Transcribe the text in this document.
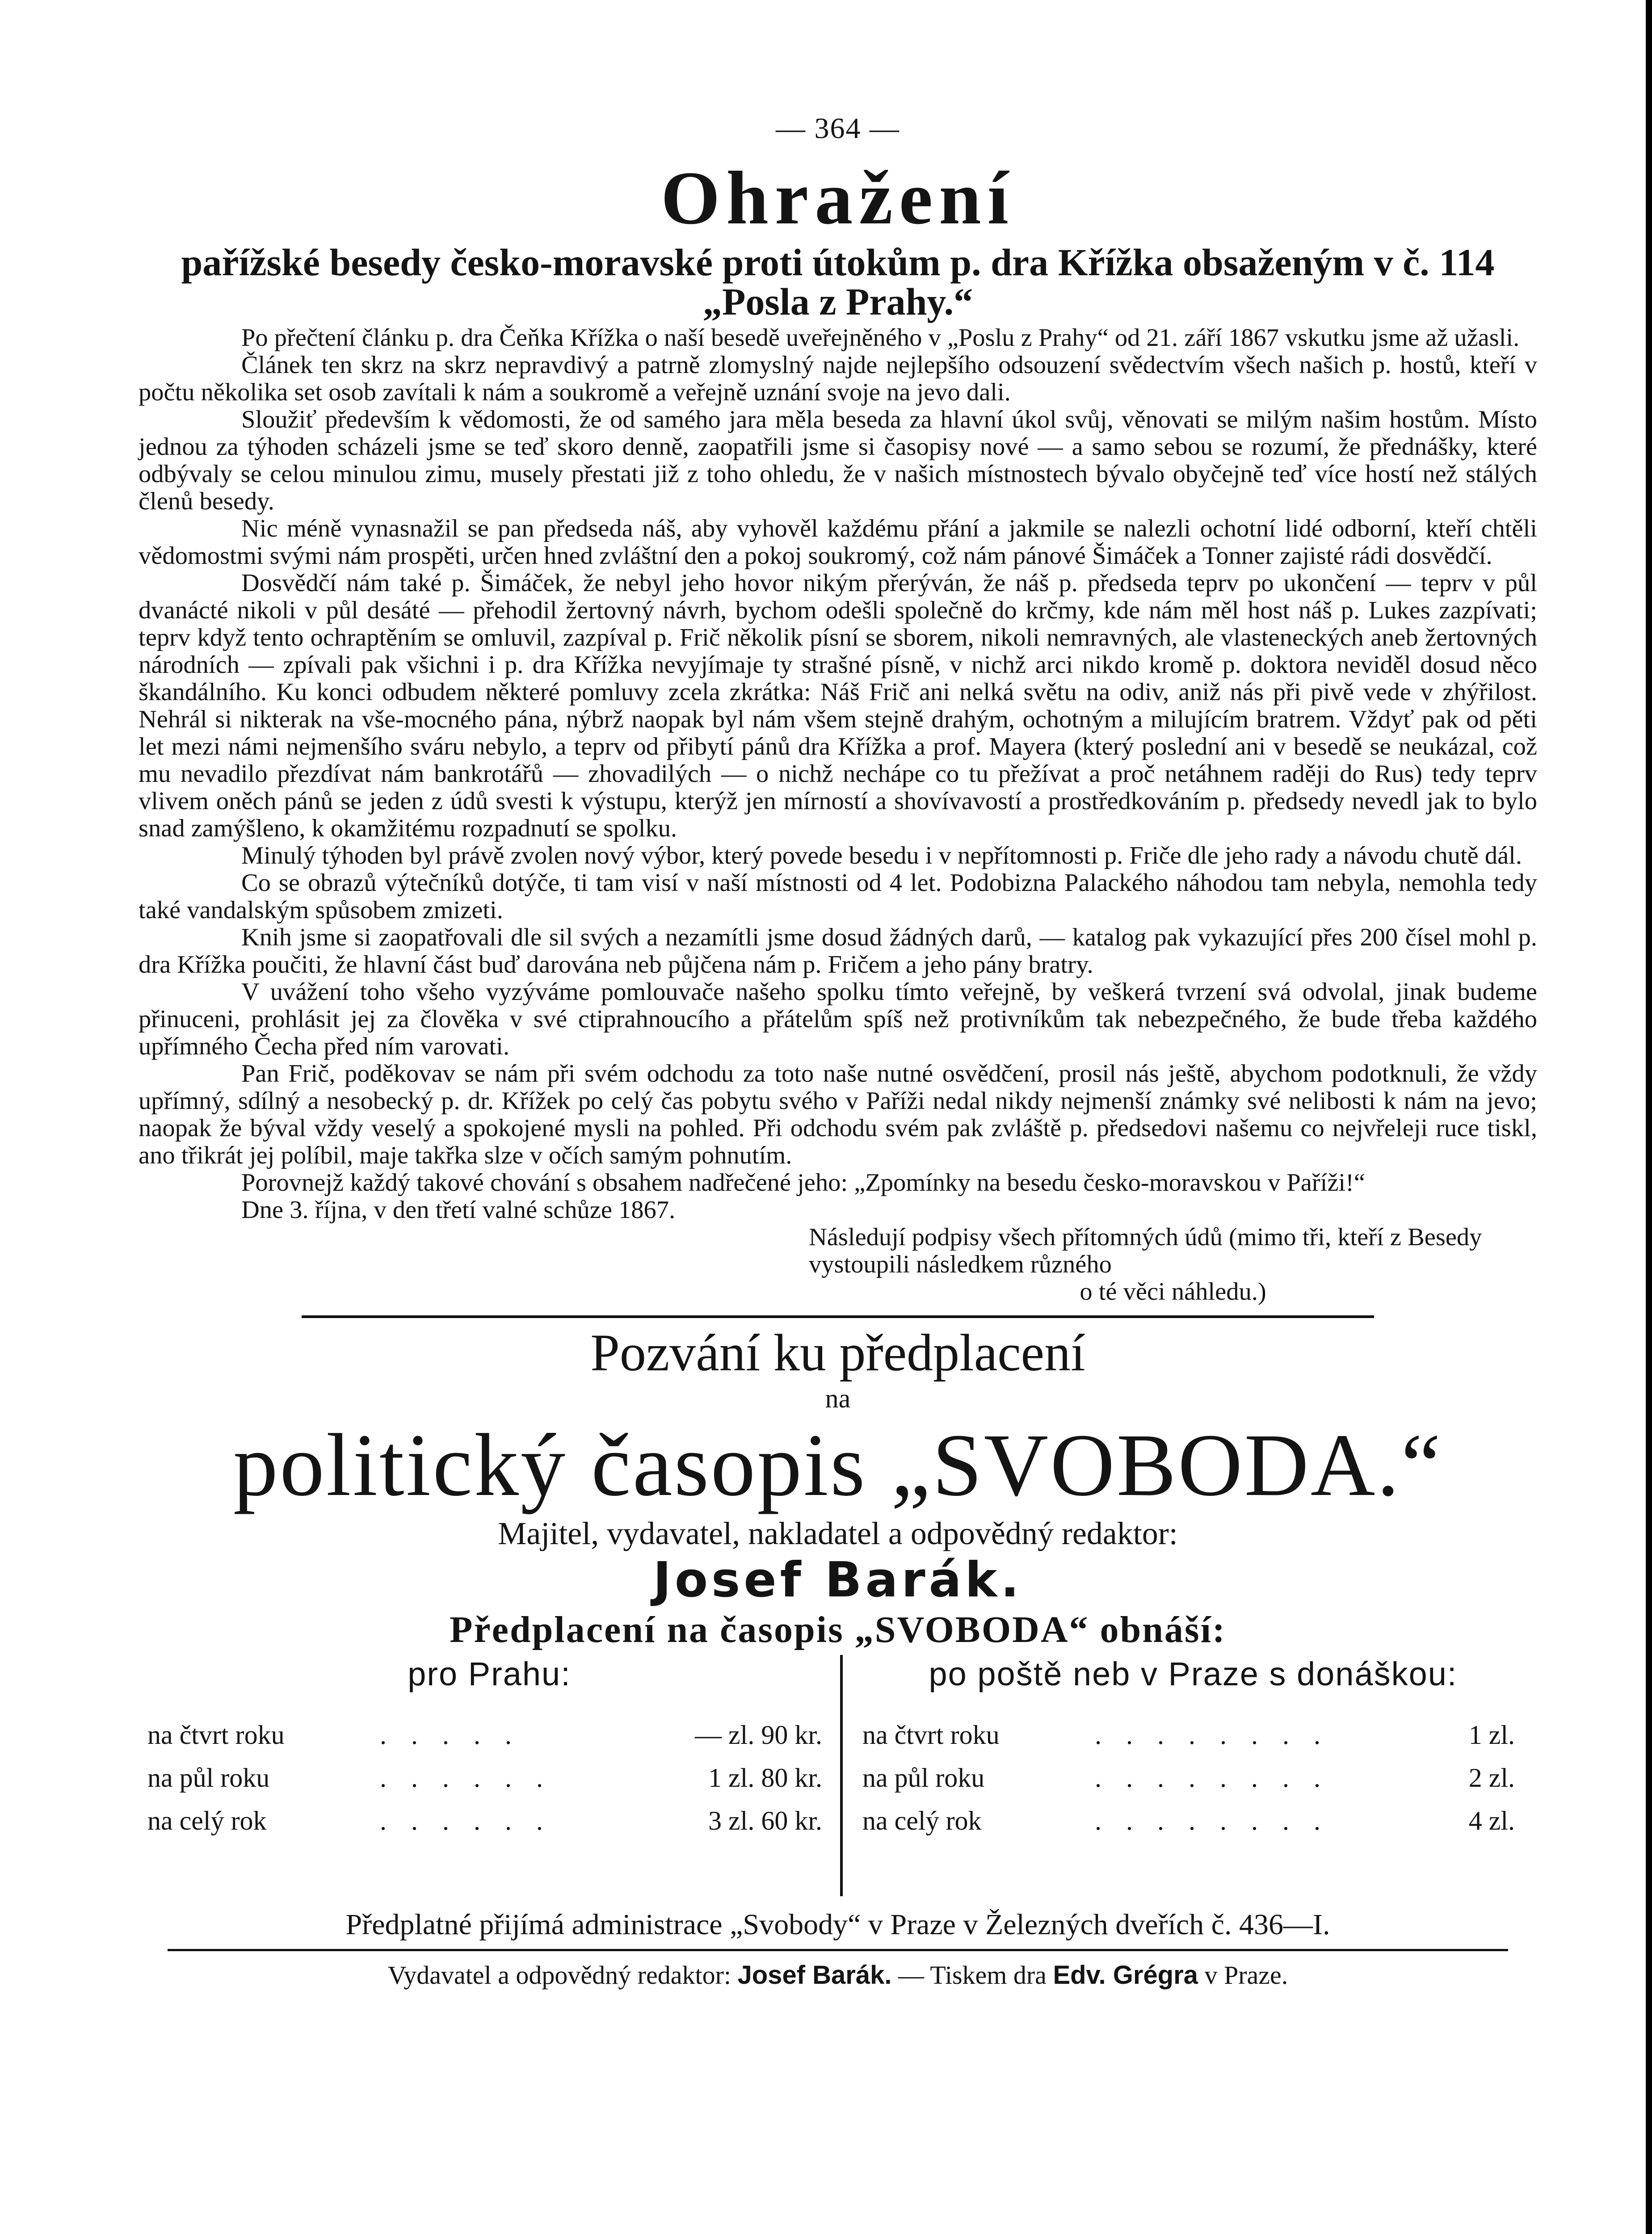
— 364 —
Ohražení
pařížské besedy česko-moravské proti útokům p. dra Křížka obsaženým v č. 114 „Posla z Prahy.“

Po přečtení článku p. dra Čeňka Křížka o naší besedě uveřejněného v „Poslu z Prahy“ od 21. září 1867 vskutku jsme až užasli.

Článek ten skrz na skrz nepravdivý a patrně zlomyslný najde nejlepšího odsouzení svědectvím všech našich p. hostů, kteří v počtu několika set osob zavítali k nám a soukromě a veřejně uznání svoje na jevo dali.

Sloužiť především k vědomosti, že od samého jara měla beseda za hlavní úkol svůj, věnovati se milým našim hostům. Místo jednou za týhoden scházeli jsme se teď skoro denně, zaopatřili jsme si časopisy nové — a samo sebou se rozumí, že přednášky, které odbývaly se celou minulou zimu, musely přestati již z toho ohledu, že v našich místnostech bývalo obyčejně teď více hostí než stálých členů besedy.

Nic méně vynasnažil se pan předseda náš, aby vyhověl každému přání a jakmile se nalezli ochotní lidé odborní, kteří chtěli vědomostmi svými nám prospěti, určen hned zvláštní den a pokoj soukromý, což nám pánové Šimáček a Tonner zajisté rádi dosvědčí.

Dosvědčí nám také p. Šimáček, že nebyl jeho hovor nikým přerýván, že náš p. předseda teprv po ukončení — teprv v půl dvanácté nikoli v půl desáté — přehodil žertovný návrh, bychom odešli společně do krčmy, kde nám měl host náš p. Lukes zazpívati; teprv když tento ochraptěním se omluvil, zazpíval p. Frič několik písní se sborem, nikoli nemravných, ale vlasteneckých aneb žertovných národních — zpívali pak všichni i p. dra Křížka nevyjímaje ty strašné písně, v nichž arci nikdo kromě p. doktora neviděl dosud něco škandálního. Ku konci odbudem některé pomluvy zcela zkrátka: Náš Frič ani nelká světu na odiv, aniž nás při pivě vede v zhýřilost. Nehrál si nikterak na vše-mocného pána, nýbrž naopak byl nám všem stejně drahým, ochotným a milujícím bratrem. Vždyť pak od pěti let mezi námi nejmenšího sváru nebylo, a teprv od přibytí pánů dra Křížka a prof. Mayera (který poslední ani v besedě se neukázal, což mu nevadilo přezdívat nám bankrotářů — zhovadilých — o nichž nechápe co tu přežívat a proč netáhnem raději do Rus) tedy teprv vlivem oněch pánů se jeden z údů svesti k výstupu, kterýž jen mírností a shovívavostí a prostředkováním p. předsedy nevedl jak to bylo snad zamýšleno, k okamžitému rozpadnutí se spolku.

Minulý týhoden byl právě zvolen nový výbor, který povede besedu i v nepřítomnosti p. Friče dle jeho rady a návodu chutě dál.

Co se obrazů výtečníků dotýče, ti tam visí v naší místnosti od 4 let. Podobizna Palackého náhodou tam nebyla, nemohla tedy také vandalským spůsobem zmizeti.

Knih jsme si zaopatřovali dle sil svých a nezamítli jsme dosud žádných darů, — katalog pak vykazující přes 200 čísel mohl p. dra Křížka poučiti, že hlavní část buď darována neb půjčena nám p. Fričem a jeho pány bratry.

V uvážení toho všeho vyzýváme pomlouvače našeho spolku tímto veřejně, by veškerá tvrzení svá odvolal, jinak budeme přinuceni, prohlásit jej za člověka v své ctiprahnoucího a přátelům spíš než protivníkům tak nebezpečného, že bude třeba každého upřímného Čecha před ním varovati.

Pan Frič, poděkovav se nám při svém odchodu za toto naše nutné osvědčení, prosil nás ještě, abychom podotknuli, že vždy upřímný, sdílný a nesobecký p. dr. Křížek po celý čas pobytu svého v Paříži nedal nikdy nejmenší známky své nelibosti k nám na jevo; naopak že býval vždy veselý a spokojené mysli na pohled. Při odchodu svém pak zvláště p. předsedovi našemu co nejvřeleji ruce tiskl, ano třikrát jej políbil, maje takřka slze v očích samým pohnutím.

Porovnejž každý takové chování s obsahem nadřečené jeho: „Zpomínky na besedu česko-moravskou v Paříži!“

Dne 3. října, v den třetí valné schůze 1867.

Následují podpisy všech přítomných údů (mimo tři, kteří z Besedy vystoupili následkem různého
o té věci náhledu.)
Pozvání ku předplacení
na
politický časopis „SVOBODA.“
Majitel, vydavatel, nakladatel a odpovědný redaktor:
Josef Barák.
Předplacení na časopis „SVOBODA“ obnáší:
pro Prahu:
na čtvrt roku	. . . . .	— zl. 90 kr.
na půl roku	. . . . . .	1 zl. 80 kr.
na celý rok	. . . . . .	3 zl. 60 kr.
po poště neb v Praze s donáškou:
na čtvrt roku	. . . . . . . .	1 zl.
na půl roku	. . . . . . . .	2 zl.
na celý rok	. . . . . . . .	4 zl.
Předplatné přijímá administrace „Svobody“ v Praze v Železných dveřích č. 436—I.
Vydavatel a odpovědný redaktor: Josef Barák. — Tiskem dra Edv. Grégra v Praze.
